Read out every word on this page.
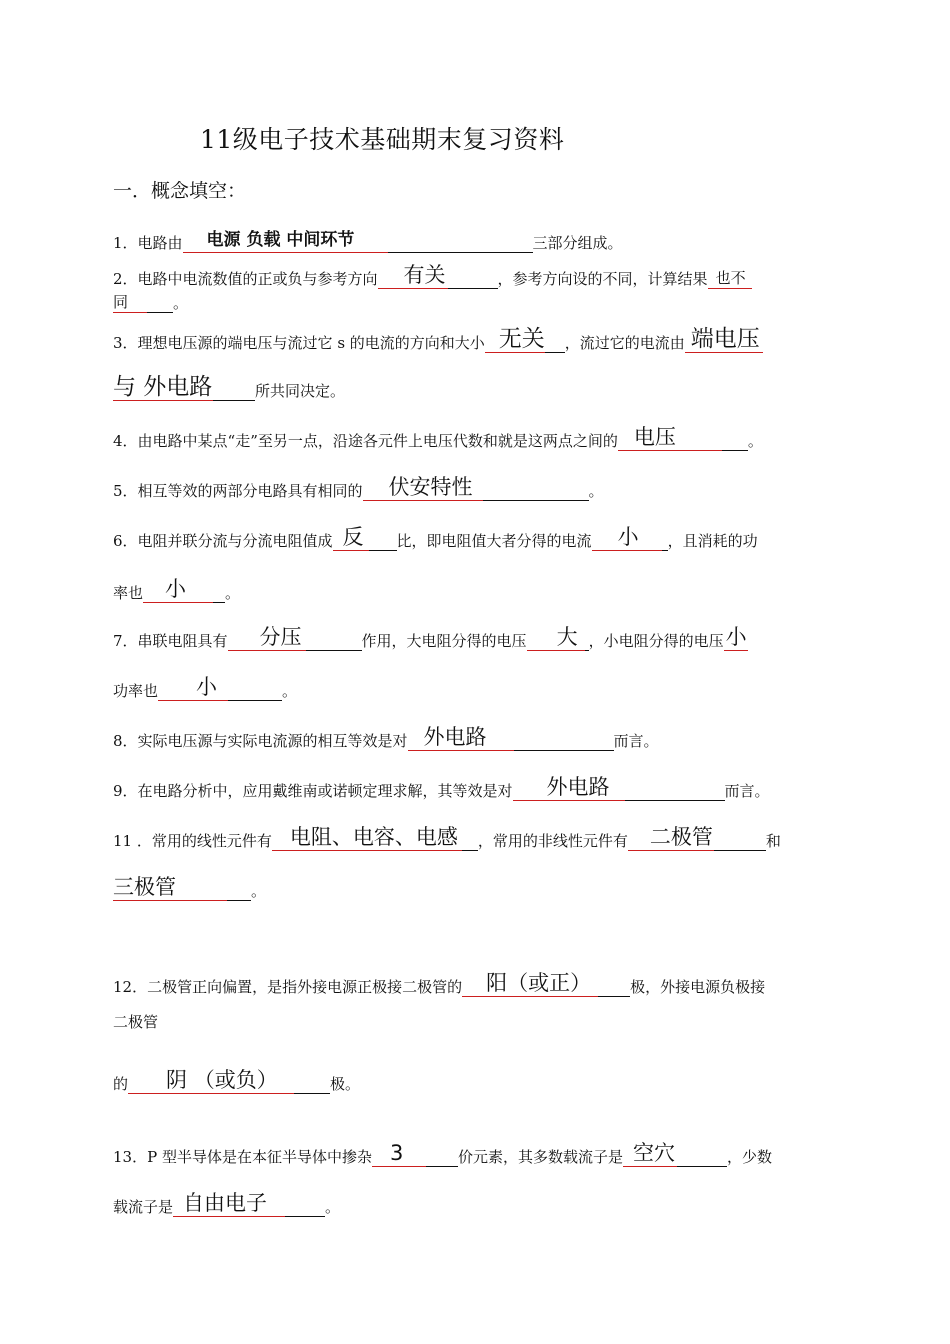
11级电子技术基础期末复习资料
一．概念填空：
1．电路由 电源 负载 中间环节	三部分组成。
2．电路中电流数值的正或负与参考方向 有关	，参考方向设的不同，计算结果 也不
同	。
3．理想电压源的端电压与流过它 s 的电流的方向和大小 无关 ，流过它的电流由 端电压
与 外电路	所共同决定。
4．由电路中某点“走”至另一点，沿途各元件上电压代数和就是这两点之间的 电压	。
5．相互等效的两部分电路具有相同的 伏安特性	。
6．电阻并联分流与分流电阻值成 反 比，即电阻值大者分得的电流 小 ，且消耗的功
率也 小	。
7．串联电阻具有 分压	作用，大电阻分得的电压 大 ，小电阻分得的电压 小
功率也 小	。
8．实际电压源与实际电流源的相互等效是对 外电路	而言。
9．在电路分析中，应用戴维南或诺顿定理求解，其等效是对 外电路	而言。
11 ．常用的线性元件有 电阻、电容、电感 ，常用的非线性元件有 二极管	和
三极管	。
12．二极管正向偏置，是指外接电源正极接二极管的 阳（或正）	极，外接电源负极接
二极管
的 阴 （或负）	极。
13．P 型半导体是在本征半导体中掺杂 3	价元素，其多数载流子是 空穴	，少数
载流子是 自由电子	。
